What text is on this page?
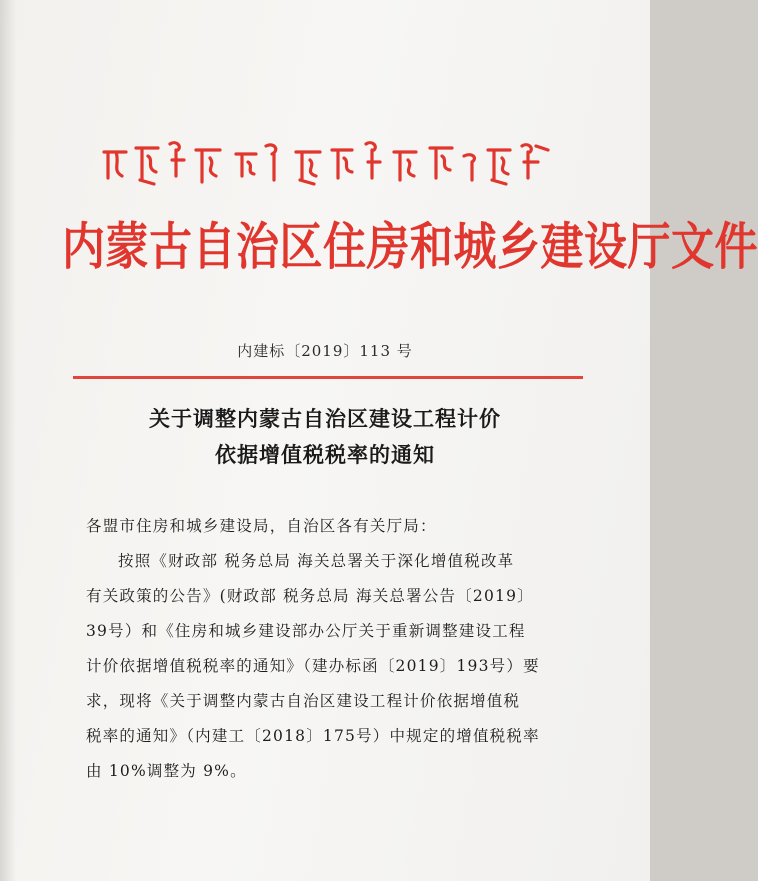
内蒙古自治区住房和城乡建设厅文件
内建标〔2019〕113 号
关于调整内蒙古自治区建设工程计价
依据增值税税率的通知
各盟市住房和城乡建设局，自治区各有关厅局：
按照《财政部 税务总局 海关总署关于深化增值税改革
有关政策的公告》(财政部 税务总局 海关总署公告〔2019〕
39号）和《住房和城乡建设部办公厅关于重新调整建设工程
计价依据增值税税率的通知》（建办标函〔2019〕193号）要
求，现将《关于调整内蒙古自治区建设工程计价依据增值税
税率的通知》（内建工〔2018〕175号）中规定的增值税税率
由 10%调整为 9%。
